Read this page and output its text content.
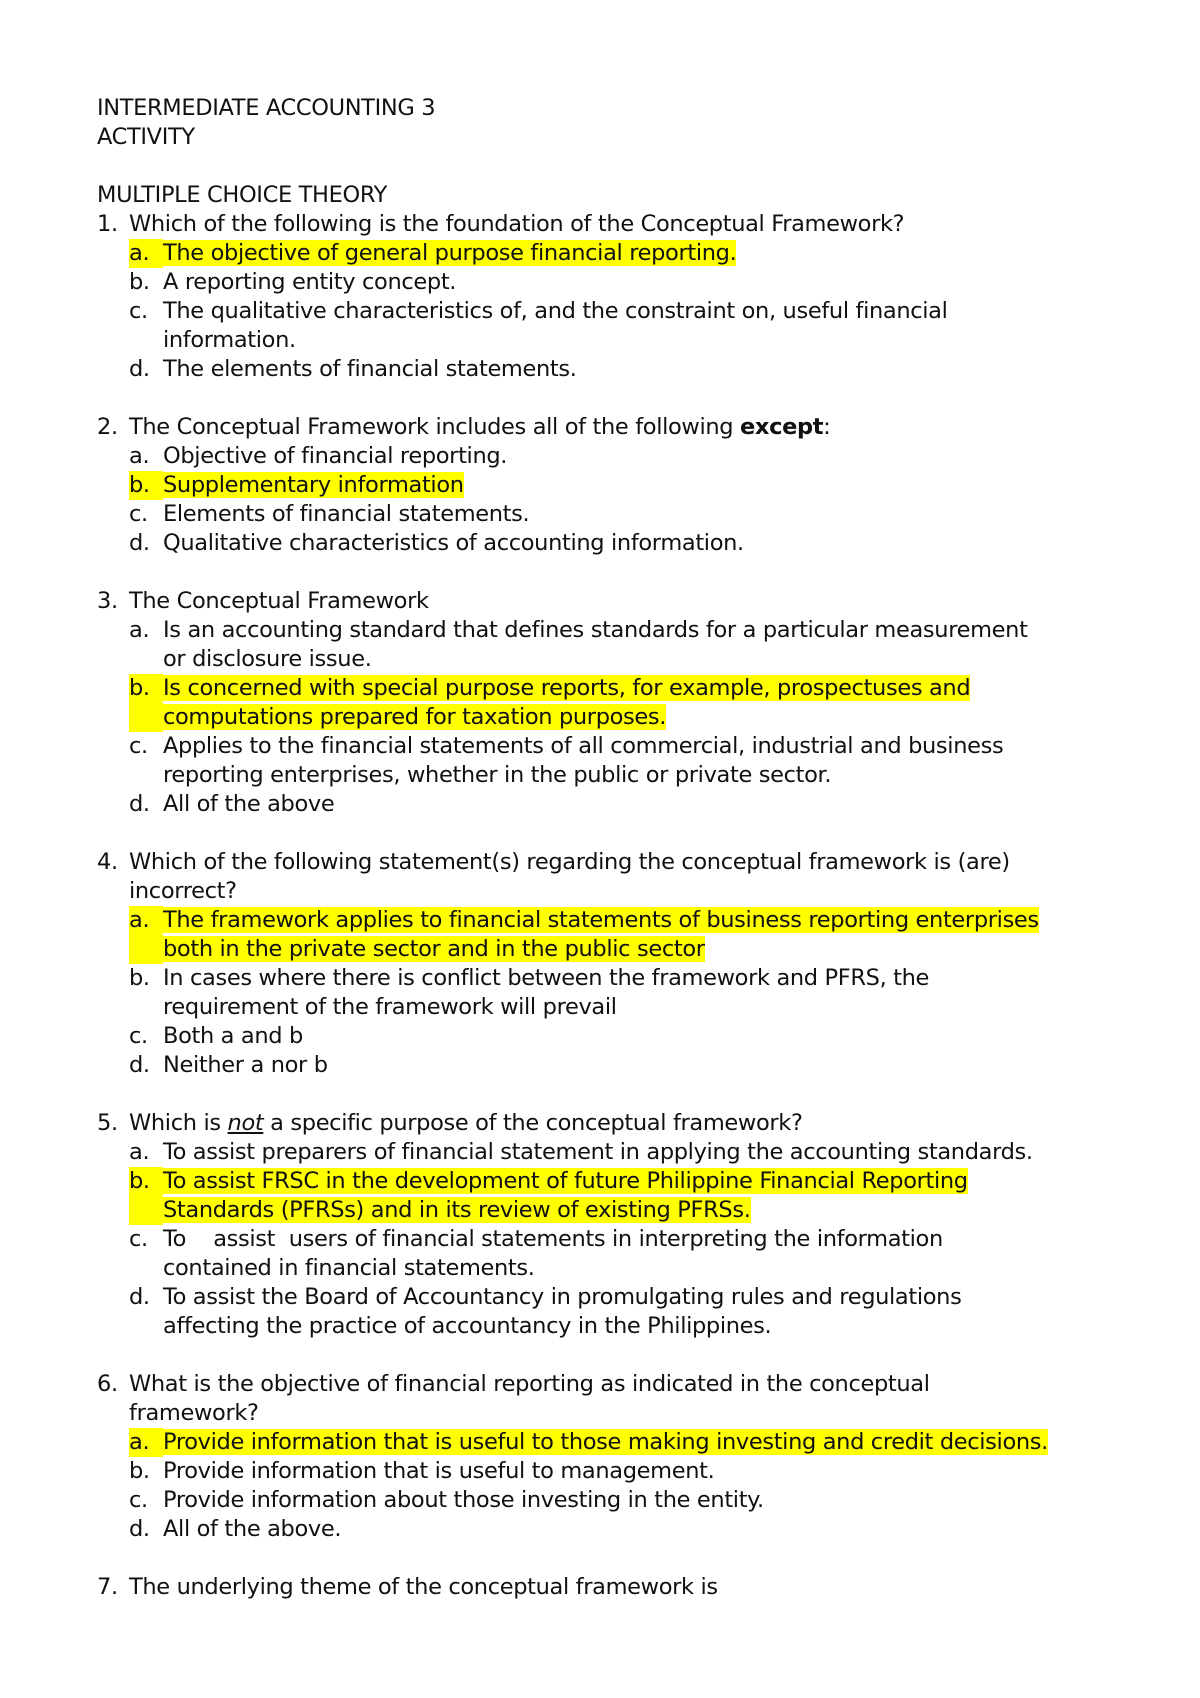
INTERMEDIATE ACCOUNTING 3
ACTIVITY
MULTIPLE CHOICE THEORY
1. Which of the following is the foundation of the Conceptual Framework?
a. The objective of general purpose financial reporting.
b. A reporting entity concept.
c. The qualitative characteristics of, and the constraint on, useful financial
information.
d. The elements of financial statements.
2. The Conceptual Framework includes all of the following except:
a. Objective of financial reporting.
b. Supplementary information
c. Elements of financial statements.
d. Qualitative characteristics of accounting information.
3. The Conceptual Framework
a. Is an accounting standard that defines standards for a particular measurement
or disclosure issue.
b. Is concerned with special purpose reports, for example, prospectuses and
computations prepared for taxation purposes.
c. Applies to the financial statements of all commercial, industrial and business
reporting enterprises, whether in the public or private sector.
d. All of the above
4. Which of the following statement(s) regarding the conceptual framework is (are)
incorrect?
a. The framework applies to financial statements of business reporting enterprises
both in the private sector and in the public sector
b. In cases where there is conflict between the framework and PFRS, the
requirement of the framework will prevail
c. Both a and b
d. Neither a nor b
5. Which is not a specific purpose of the conceptual framework?
a. To assist preparers of financial statement in applying the accounting standards.
b. To assist FRSC in the development of future Philippine Financial Reporting
Standards (PFRSs) and in its review of existing PFRSs.
c. To    assist  users of financial statements in interpreting the information
contained in financial statements.
d. To assist the Board of Accountancy in promulgating rules and regulations
affecting the practice of accountancy in the Philippines.
6. What is the objective of financial reporting as indicated in the conceptual
framework?
a. Provide information that is useful to those making investing and credit decisions.
b. Provide information that is useful to management.
c. Provide information about those investing in the entity.
d. All of the above.
7. The underlying theme of the conceptual framework is
